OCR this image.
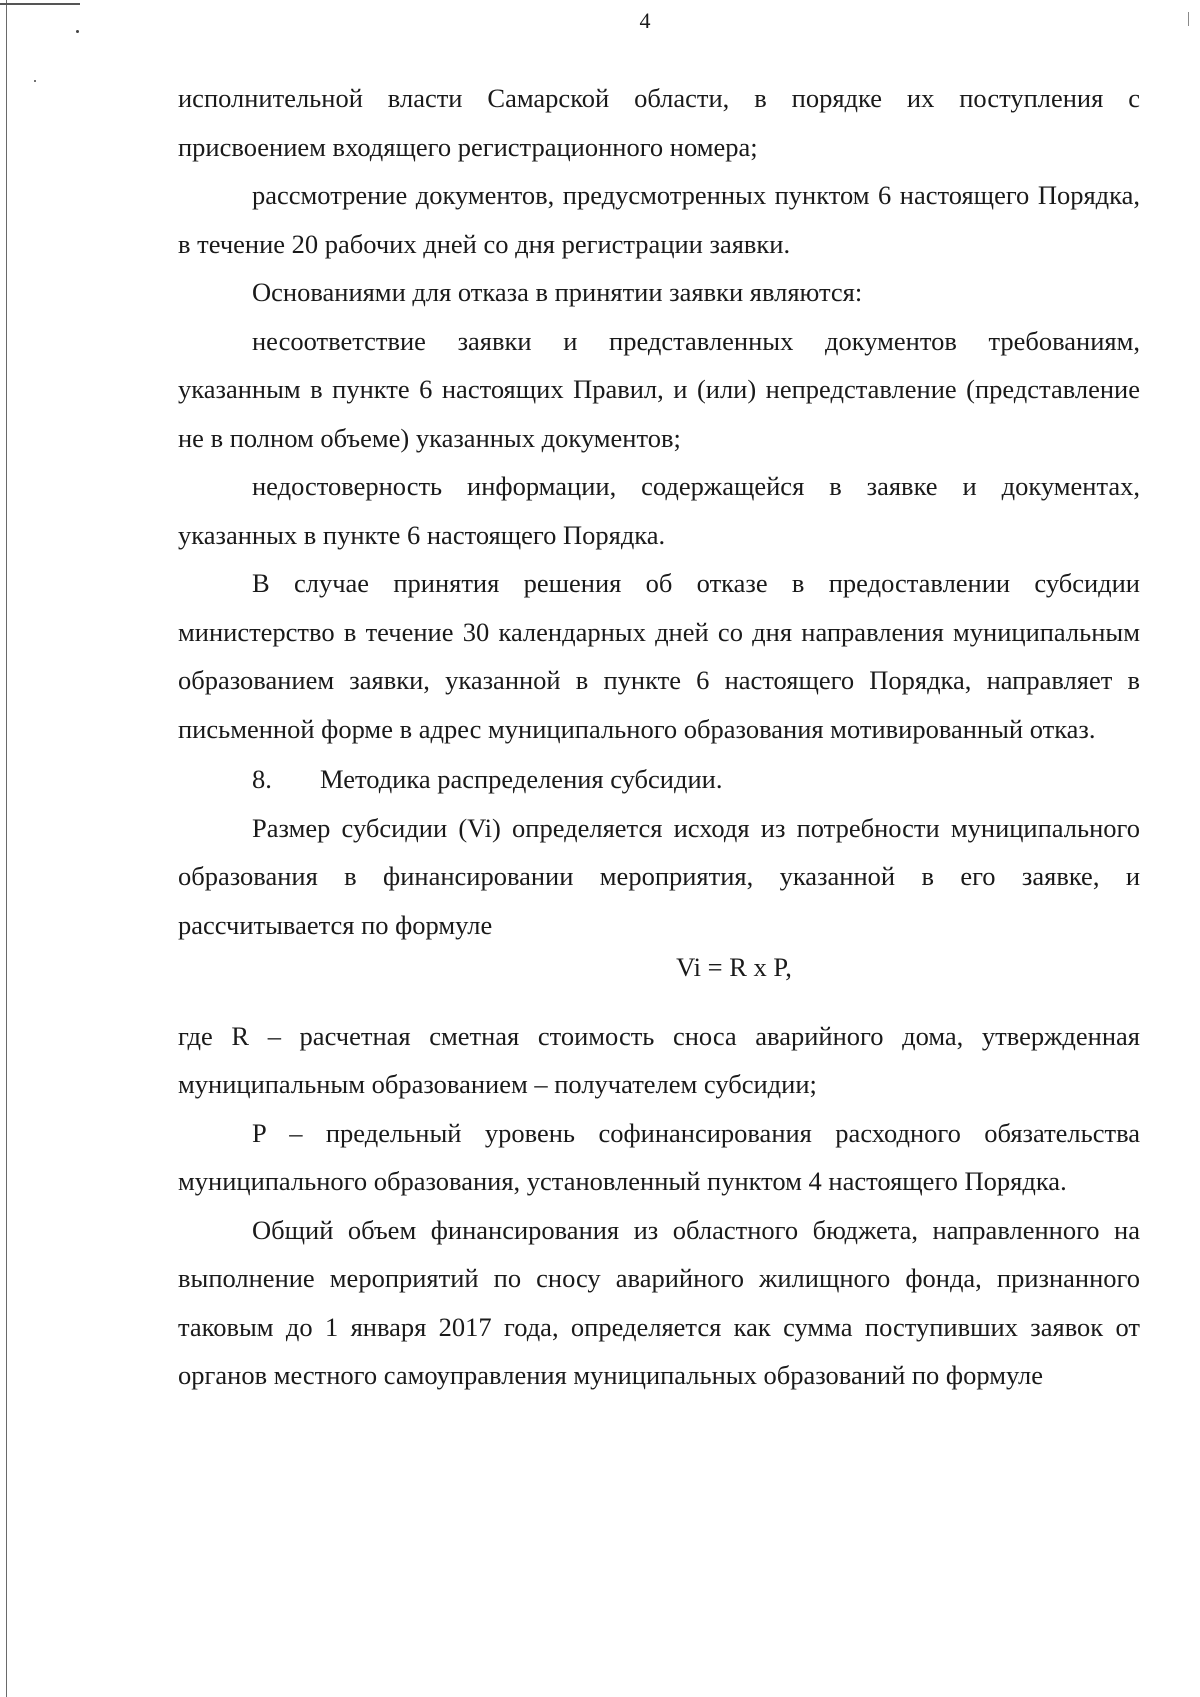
4

исполнительной власти Самарской области, в порядке их поступления с присвоением входящего регистрационного номера;

рассмотрение документов, предусмотренных пунктом 6 настоящего Порядка, в течение 20 рабочих дней со дня регистрации заявки.

Основаниями для отказа в принятии заявки являются:

несоответствие заявки и представленных документов требованиям, указанным в пункте 6 настоящих Правил, и (или) непредставление (представление не в полном объеме) указанных документов;

недостоверность информации, содержащейся в заявке и документах, указанных в пункте 6 настоящего Порядка.

В случае принятия решения об отказе в предоставлении субсидии министерство в течение 30 календарных дней со дня направления муниципальным образованием заявки, указанной в пункте 6 настоящего Порядка, направляет в письменной форме в адрес муниципального образования мотивированный отказ.

8. Методика распределения субсидии.

Размер субсидии (Vi) определяется исходя из потребности муниципального образования в финансировании мероприятия, указанной в его заявке, и рассчитывается по формуле

Vi = R x P,

где R – расчетная сметная стоимость сноса аварийного дома, утвержденная муниципальным образованием – получателем субсидии;

P – предельный уровень софинансирования расходного обязательства муниципального образования, установленный пунктом 4 настоящего Порядка.

Общий объем финансирования из областного бюджета, направленного на выполнение мероприятий по сносу аварийного жилищного фонда, признанного таковым до 1 января 2017 года, определяется как сумма поступивших заявок от органов местного самоуправления муниципальных образований по формуле
